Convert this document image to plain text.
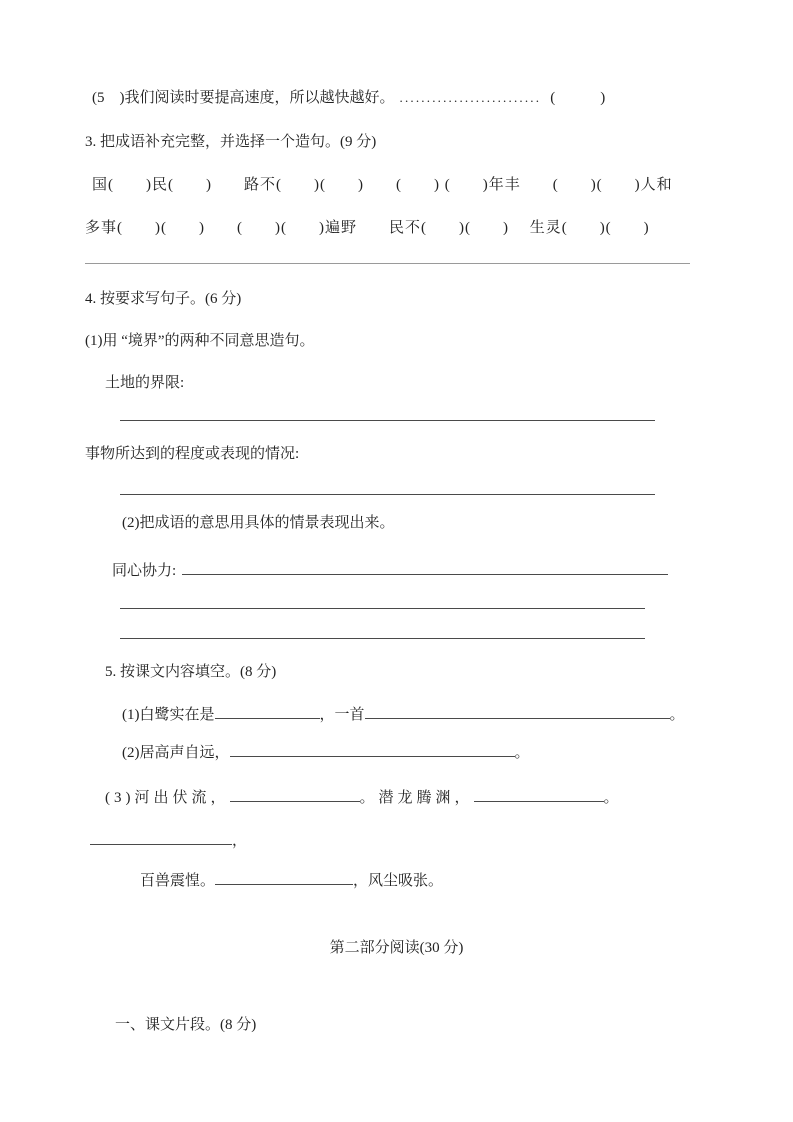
(5　)我们阅读时要提高速度，所以越快越好。 .......................... (　　　)
3. 把成语补充完整，并选择一个造句。(9 分)
国(　　)民(　　)　　路不(　　)(　　)　　(　　) (　　)年丰　　(　　)(　　)人和
多事(　　)(　　)　　(　　)(　　)遍野　　民不(　　)(　　)　 生灵(　　)(　　)
4. 按要求写句子。(6 分)
(1)用 “境界”的两种不同意思造句。
土地的界限:
事物所达到的程度或表现的情况:
(2)把成语的意思用具体的情景表现出来。
同心协力:
5. 按课文内容填空。(8 分)
(1)白鹭实在是	，一首	。
(2)居高声自远，	。
(3)河出伏流，	。潜龙腾渊，	。
，
百兽震惶。	，风尘吸张。
第二部分阅读(30 分)
一、课文片段。(8 分)
